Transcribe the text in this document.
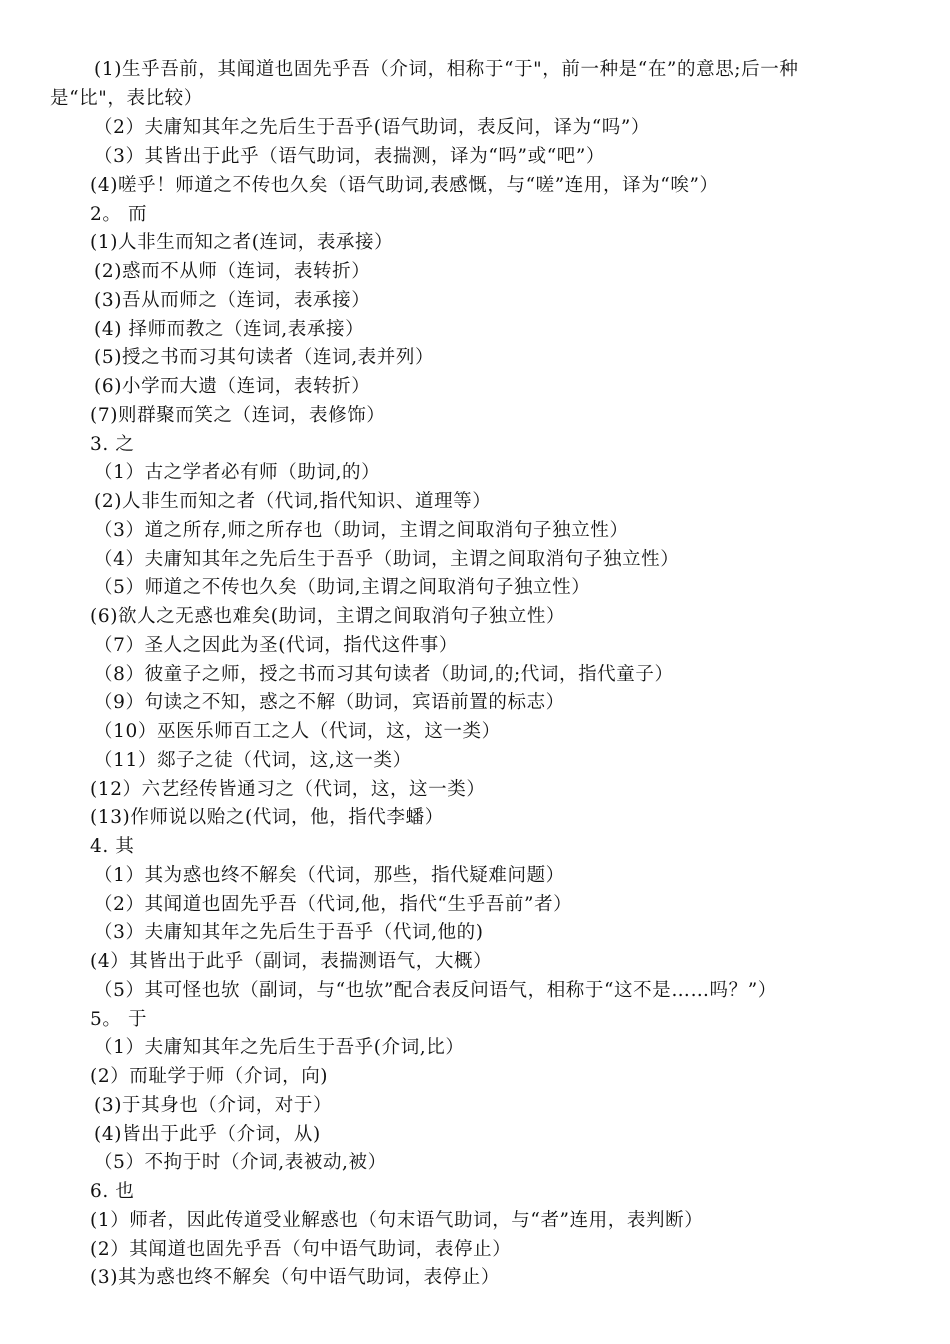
(1)生乎吾前，其闻道也固先乎吾（介词，相称于“于"，前一种是“在”的意思;后一种
是“比"，表比较）
（2）夫庸知其年之先后生于吾乎(语气助词，表反问，译为“吗”）
（3）其皆出于此乎（语气助词，表揣测，译为“吗”或“吧”）
(4)嗟乎！师道之不传也久矣（语气助词,表感慨，与“嗟”连用，译为“唉”）
2。 而
(1)人非生而知之者(连词，表承接）
(2)惑而不从师（连词，表转折）
(3)吾从而师之（连词，表承接）
(4) 择师而教之（连词,表承接）
(5)授之书而习其句读者（连词,表并列）
(6)小学而大遗（连词，表转折）
(7)则群聚而笑之（连词，表修饰）
3. 之
（1）古之学者必有师（助词,的）
(2)人非生而知之者（代词,指代知识、道理等）
（3）道之所存,师之所存也（助词，主谓之间取消句子独立性）
（4）夫庸知其年之先后生于吾乎（助词，主谓之间取消句子独立性）
（5）师道之不传也久矣（助词,主谓之间取消句子独立性）
(6)欲人之无惑也难矣(助词，主谓之间取消句子独立性）
（7）圣人之因此为圣(代词，指代这件事）
（8）彼童子之师，授之书而习其句读者（助词,的;代词，指代童子）
（9）句读之不知，惑之不解（助词，宾语前置的标志）
（10）巫医乐师百工之人（代词，这，这一类）
（11）郯子之徒（代词，这,这一类）
(12）六艺经传皆通习之（代词，这，这一类）
(13)作师说以贻之(代词，他，指代李蟠）
4. 其
（1）其为惑也终不解矣（代词，那些，指代疑难问题）
（2）其闻道也固先乎吾（代词,他，指代“生乎吾前”者）
（3）夫庸知其年之先后生于吾乎（代词,他的)
(4）其皆出于此乎（副词，表揣测语气，大概）
（5）其可怪也欤（副词，与“也欤”配合表反问语气，相称于“这不是……吗？”）
5。 于
（1）夫庸知其年之先后生于吾乎(介词,比）
(2）而耻学于师（介词，向)
(3)于其身也（介词，对于）
(4)皆出于此乎（介词，从)
（5）不拘于时（介词,表被动,被）
6. 也
(1）师者，因此传道受业解惑也（句末语气助词，与“者”连用，表判断）
(2）其闻道也固先乎吾（句中语气助词，表停止）
(3)其为惑也终不解矣（句中语气助词，表停止）
